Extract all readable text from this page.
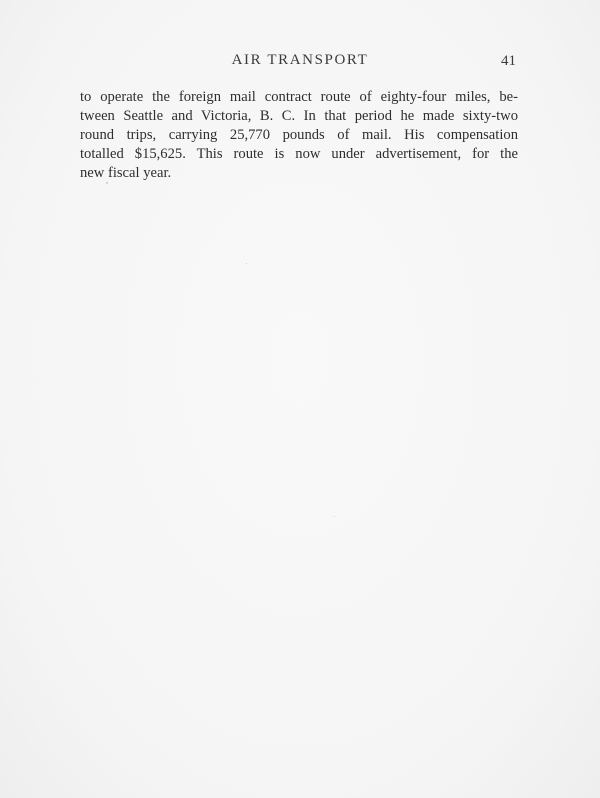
AIR TRANSPORT	41
to operate the foreign mail contract route of eighty-four miles, be-
tween Seattle and Victoria, B. C. In that period he made sixty-two
round trips, carrying 25,770 pounds of mail. His compensation
totalled $15,625. This route is now under advertisement, for the
new fiscal year.
